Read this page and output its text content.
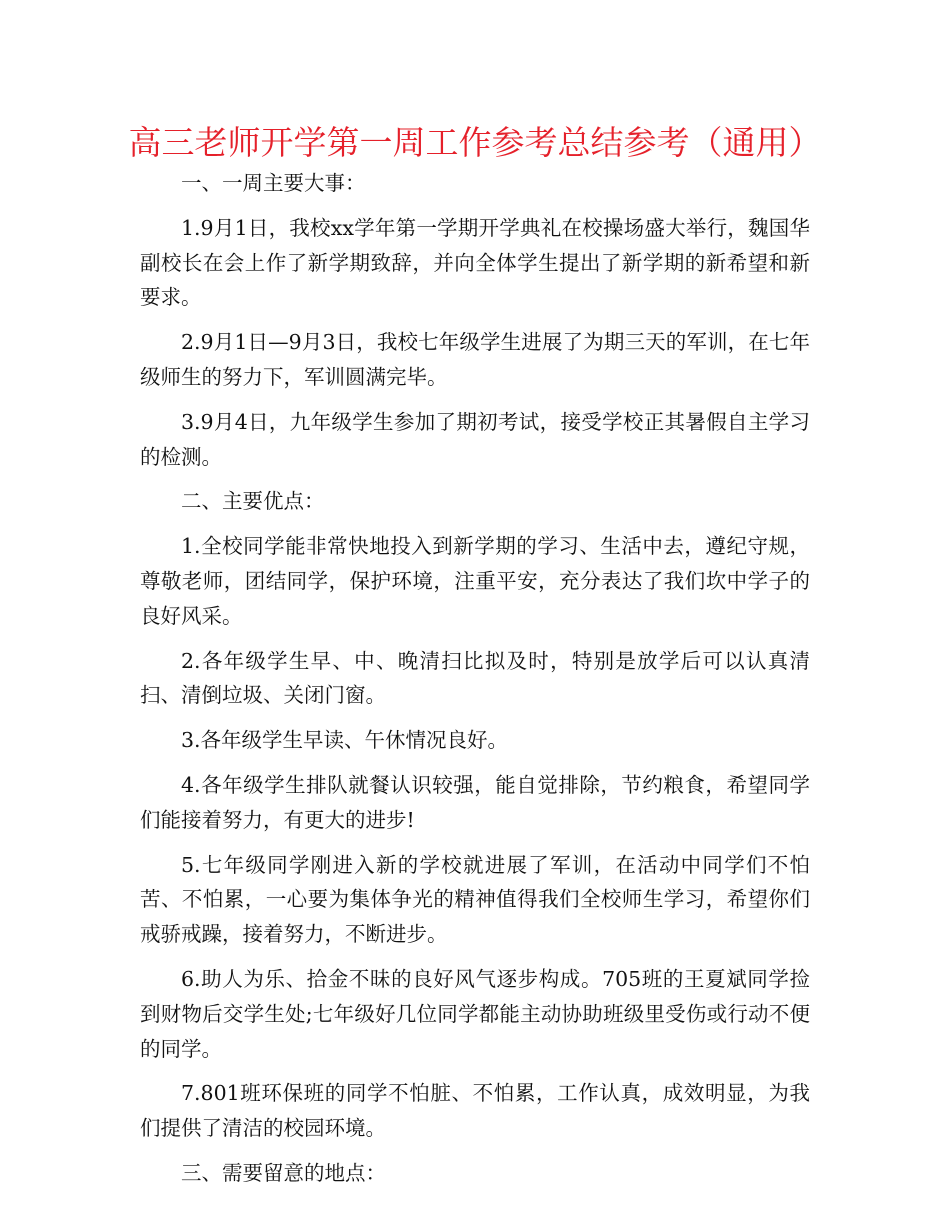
高三老师开学第一周工作参考总结参考（通用）

一、一周主要大事：

1.9月1日，我校xx学年第一学期开学典礼在校操场盛大举行，魏国华副校长在会上作了新学期致辞，并向全体学生提出了新学期的新希望和新要求。

2.9月1日—9月3日，我校七年级学生进展了为期三天的军训，在七年级师生的努力下，军训圆满完毕。

3.9月4日，九年级学生参加了期初考试，接受学校正其暑假自主学习的检测。

二、主要优点：

1.全校同学能非常快地投入到新学期的学习、生活中去，遵纪守规，尊敬老师，团结同学，保护环境，注重平安，充分表达了我们坎中学子的良好风采。

2.各年级学生早、中、晚清扫比拟及时，特别是放学后可以认真清扫、清倒垃圾、关闭门窗。

3.各年级学生早读、午休情况良好。

4.各年级学生排队就餐认识较强，能自觉排除，节约粮食，希望同学们能接着努力，有更大的进步!

5.七年级同学刚进入新的学校就进展了军训，在活动中同学们不怕苦、不怕累，一心要为集体争光的精神值得我们全校师生学习，希望你们戒骄戒躁，接着努力，不断进步。

6.助人为乐、拾金不昧的良好风气逐步构成。705班的王夏斌同学捡到财物后交学生处;七年级好几位同学都能主动协助班级里受伤或行动不便的同学。

7.801班环保班的同学不怕脏、不怕累，工作认真，成效明显，为我们提供了清洁的校园环境。

三、需要留意的地点：
